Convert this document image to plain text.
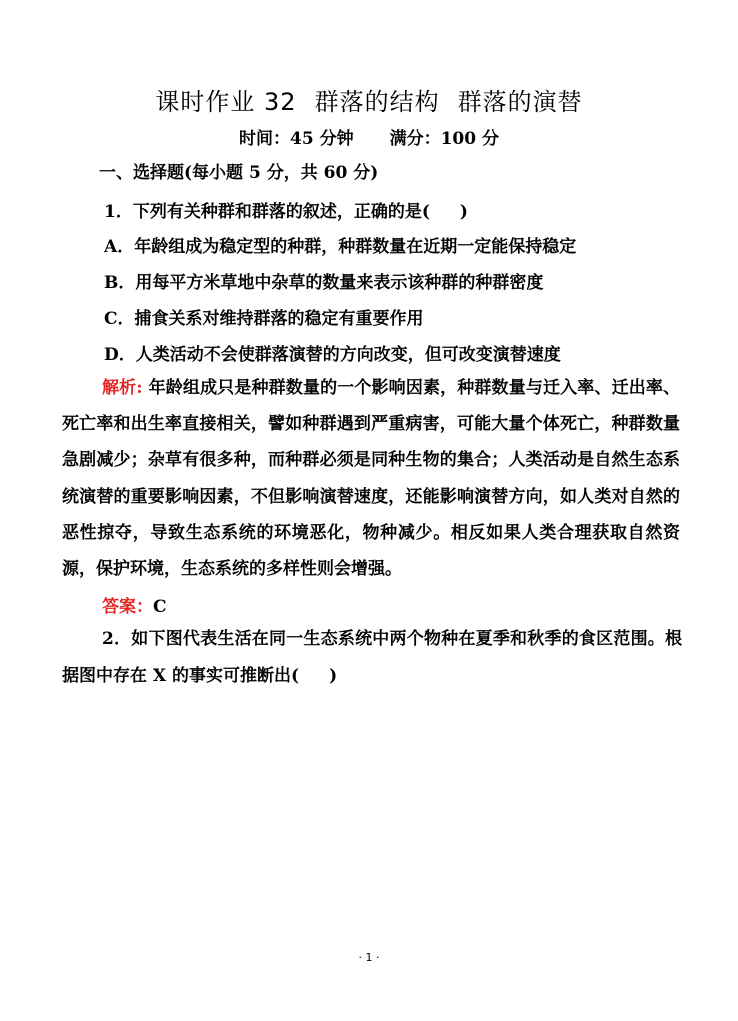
课时作业 32 群落的结构 群落的演替
时间：45 分钟 满分：100 分
一、选择题(每小题 5 分，共 60 分)
1．下列有关种群和群落的叙述，正确的是( )
A．年龄组成为稳定型的种群，种群数量在近期一定能保持稳定
B．用每平方米草地中杂草的数量来表示该种群的种群密度
C．捕食关系对维持群落的稳定有重要作用
D．人类活动不会使群落演替的方向改变，但可改变演替速度
解析: 年龄组成只是种群数量的一个影响因素，种群数量与迁入率、迁出率、死亡率和出生率直接相关，譬如种群遇到严重病害，可能大量个体死亡，种群数量急剧减少；杂草有很多种，而种群必须是同种生物的集合；人类活动是自然生态系统演替的重要影响因素，不但影响演替速度，还能影响演替方向，如人类对自然的恶性掠夺，导致生态系统的环境恶化，物种减少。相反如果人类合理获取自然资源，保护环境，生态系统的多样性则会增强。
答案：C
2．如下图代表生活在同一生态系统中两个物种在夏季和秋季的食区范围。根据图中存在 X 的事实可推断出( )
· 1 ·
